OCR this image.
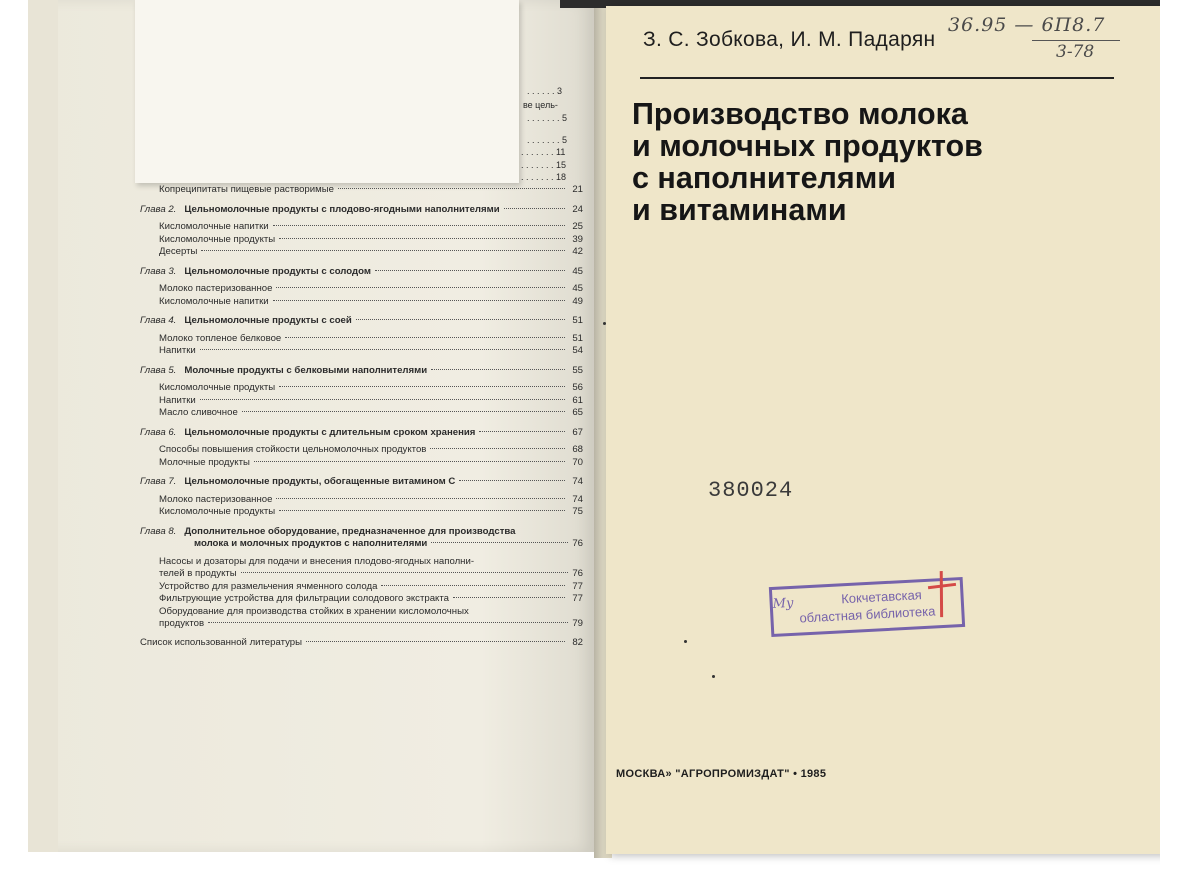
. . . . . . 3
ве цель-
. . . . . . . 5
. . . . . . . 5
. . . . . . . 11
. . . . . . . 15
. . . . . . . 18
Копреципитаты пищевые растворимые	21
Глава 2. Цельномолочные продукты с плодово-ягодными наполнителями	24
Кисломолочные напитки	25
Кисломолочные продукты	39
Десерты	42
Глава 3. Цельномолочные продукты с солодом	45
Молоко пастеризованное	45
Кисломолочные напитки	49
Глава 4. Цельномолочные продукты с соей	51
Молоко топленое белковое	51
Напитки	54
Глава 5. Молочные продукты с белковыми наполнителями	55
Кисломолочные продукты	56
Напитки	61
Масло сливочное	65
Глава 6. Цельномолочные продукты с длительным сроком хранения	67
Способы повышения стойкости цельномолочных продуктов	68
Молочные продукты	70
Глава 7. Цельномолочные продукты, обогащенные витамином С	74
Молоко пастеризованное	74
Кисломолочные продукты	75
Глава 8. Дополнительное оборудование, предназначенное для производства
молока и молочных продуктов с наполнителями	76
Насосы и дозаторы для подачи и внесения плодово-ягодных наполни-
телей в продукты	76
Устройство для размельчения ячменного солода	77
Фильтрующие устройства для фильтрации солодового экстракта	77
Оборудование для производства стойких в хранении кисломолочных
продуктов	79
Список использованной литературы	82
36.95 — 6П8.7
3-78
З. С. Зобкова, И. М. Падарян
Производство молока
и молочных продуктов
с наполнителями
и витаминами
380024
Му	Кокчетавская
областная библиотека
МОСКВА» "АГРОПРОМИЗДАТ" • 1985
